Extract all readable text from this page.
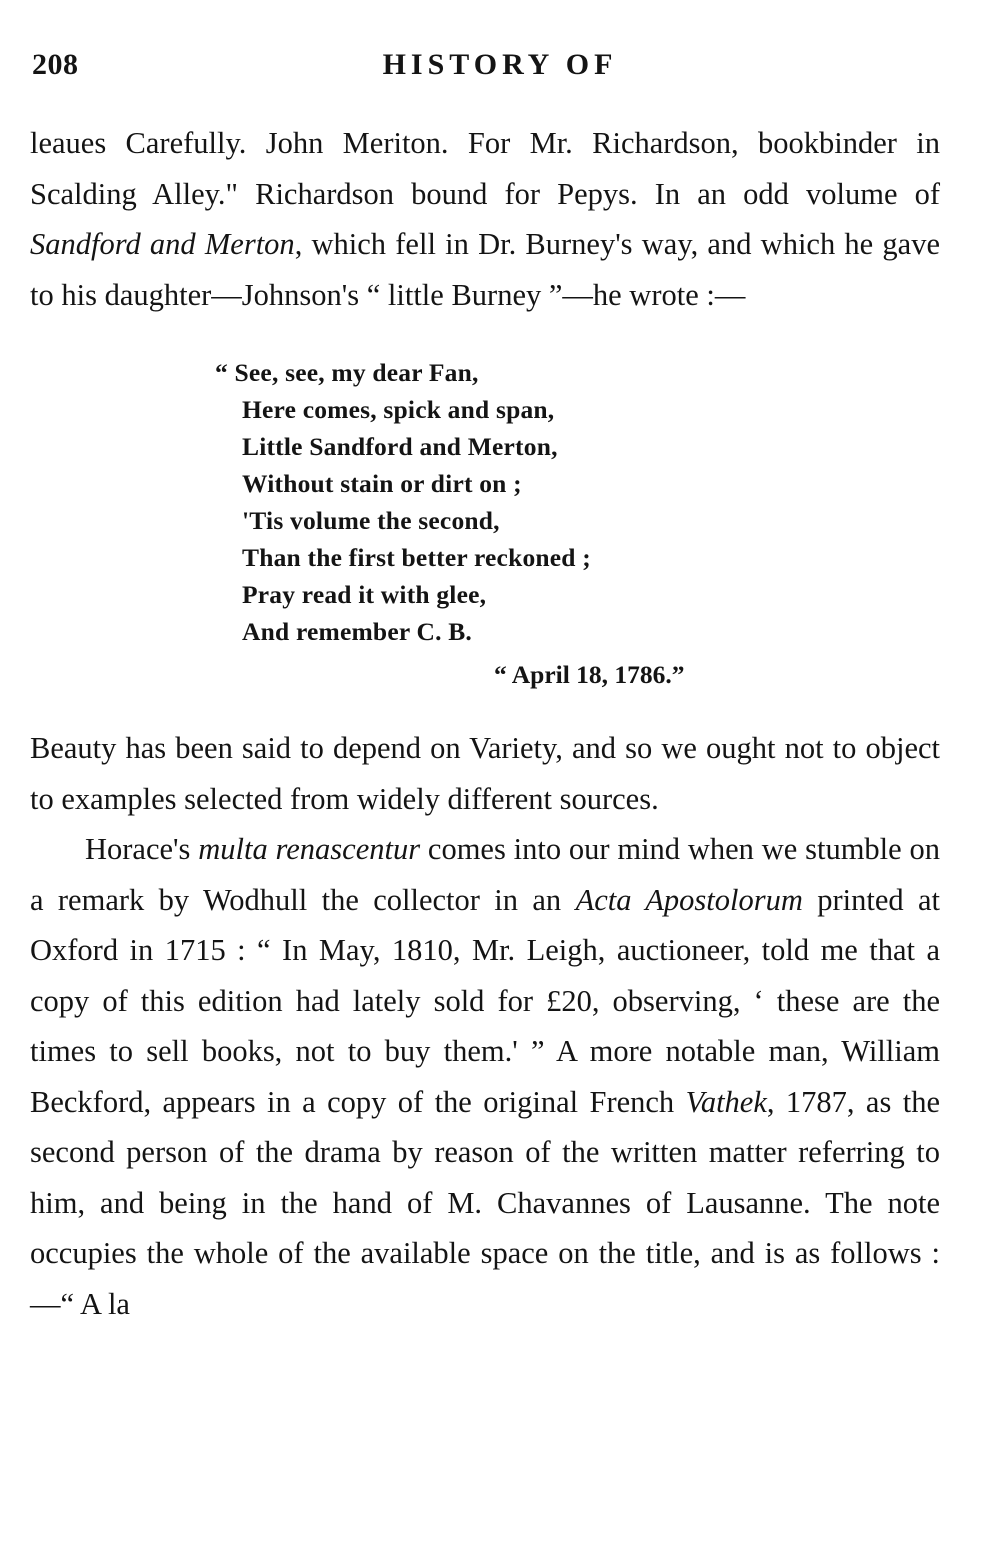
208	HISTORY OF

leaues Carefully. John Meriton. For Mr. Richardson, bookbinder in Scalding Alley." Richardson bound for Pepys. In an odd volume of Sandford and Merton, which fell in Dr. Burney's way, and which he gave to his daughter—Johnson's “ little Burney ”—he wrote :—

“ See, see, my dear Fan,
Here comes, spick and span,
Little Sandford and Merton,
Without stain or dirt on ;
'Tis volume the second,
Than the first better reckoned ;
Pray read it with glee,
And remember C. B.
“ April 18, 1786.”

Beauty has been said to depend on Variety, and so we ought not to object to examples selected from widely different sources.

Horace's multa renascentur comes into our mind when we stumble on a remark by Wodhull the collector in an Acta Apostolorum printed at Oxford in 1715 : “ In May, 1810, Mr. Leigh, auctioneer, told me that a copy of this edition had lately sold for £20, observing, ‘ these are the times to sell books, not to buy them.' ” A more notable man, William Beckford, appears in a copy of the original French Vathek, 1787, as the second person of the drama by reason of the written matter referring to him, and being in the hand of M. Chavannes of Lausanne. The note occupies the whole of the available space on the title, and is as follows :—“ A la
